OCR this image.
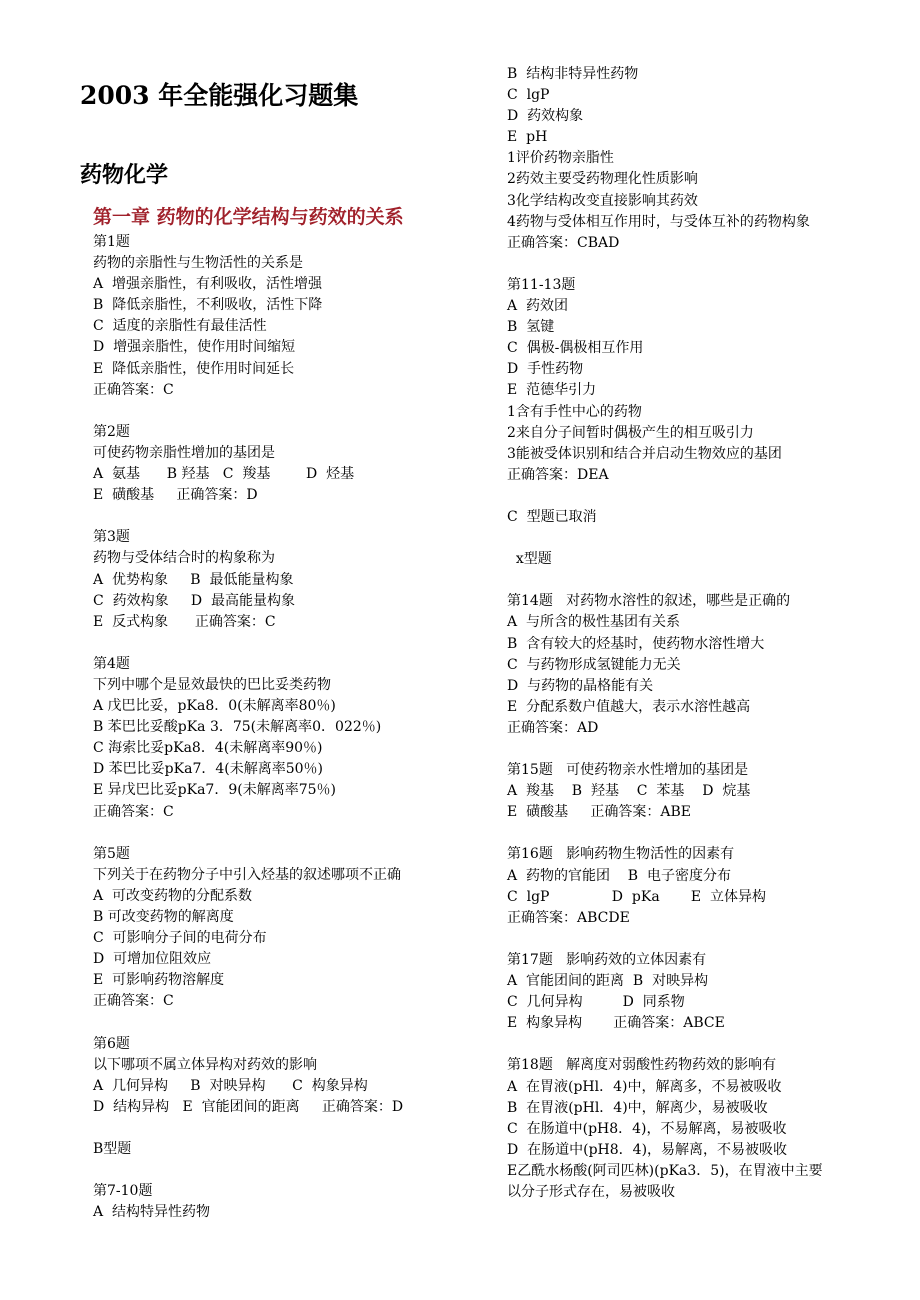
2003 年全能强化习题集
药物化学
第一章 药物的化学结构与药效的关系
第1题
药物的亲脂性与生物活性的关系是
A  增强亲脂性，有利吸收，活性增强
B  降低亲脂性，不利吸收，活性下降
C  适度的亲脂性有最佳活性
D  增强亲脂性，使作用时间缩短
E  降低亲脂性，使作用时间延长
正确答案：C
第2题
可使药物亲脂性增加的基团是
A  氨基      B 羟基   C  羧基        D  烃基
E  磺酸基     正确答案：D
第3题
药物与受体结合时的构象称为
A  优势构象     B  最低能量构象
C  药效构象     D  最高能量构象
E  反式构象      正确答案：C
第4题
下列中哪个是显效最快的巴比妥类药物
A 戊巴比妥，pKa8．0(未解离率80％)
B 苯巴比妥酸pKa 3．75(未解离率0．022％)
C 海索比妥pKa8．4(未解离率90％)
D 苯巴比妥pKa7．4(未解离率50％)
E 异戊巴比妥pKa7．9(未解离率75％)
正确答案：C
第5题
下列关于在药物分子中引入烃基的叙述哪项不正确
A  可改变药物的分配系数
B 可改变药物的解离度
C  可影响分子间的电荷分布
D  可增加位阻效应
E  可影响药物溶解度
正确答案：C
第6题
以下哪项不属立体异构对药效的影响
A  几何异构     B  对映异构      C  构象异构
D  结构异构   E  官能团间的距离     正确答案：D
B型题
第7-10题
A  结构特异性药物
B  结构非特异性药物
C  lgP
D  药效构象
E  pH
1评价药物亲脂性
2药效主要受药物理化性质影响
3化学结构改变直接影响其药效
4药物与受体相互作用时，与受体互补的药物构象
正确答案：CBAD
第11-13题
A  药效团
B  氢键
C  偶极-偶极相互作用
D  手性药物
E  范德华引力
1含有手性中心的药物
2来自分子间暂时偶极产生的相互吸引力
3能被受体识别和结合并启动生物效应的基团
正确答案：DEA
C  型题已取消
x型题
第14题   对药物水溶性的叙述，哪些是正确的
A  与所含的极性基团有关系
B  含有较大的烃基时，使药物水溶性增大
C  与药物形成氢键能力无关
D  与药物的晶格能有关
E  分配系数户值越大，表示水溶性越高
正确答案：AD
第15题   可使药物亲水性增加的基团是
A  羧基    B  羟基    C  苯基    D  烷基
E  磺酸基     正确答案：ABE
第16题   影响药物生物活性的因素有
A  药物的官能团    B  电子密度分布
C  lgP              D  pKa       E  立体异构
正确答案：ABCDE
第17题   影响药效的立体因素有
A  官能团间的距离  B  对映异构
C  几何异构         D  同系物
E  构象异构       正确答案：ABCE
第18题   解离度对弱酸性药物药效的影响有
A  在胃液(pHl．4)中，解离多，不易被吸收
B  在胃液(pHl．4)中，解离少，易被吸收
C  在肠道中(pH8．4)，不易解离，易被吸收
D  在肠道中(pH8．4)，易解离，不易被吸收
E乙酰水杨酸(阿司匹林)(pKa3．5)，在胃液中主要
以分子形式存在，易被吸收
